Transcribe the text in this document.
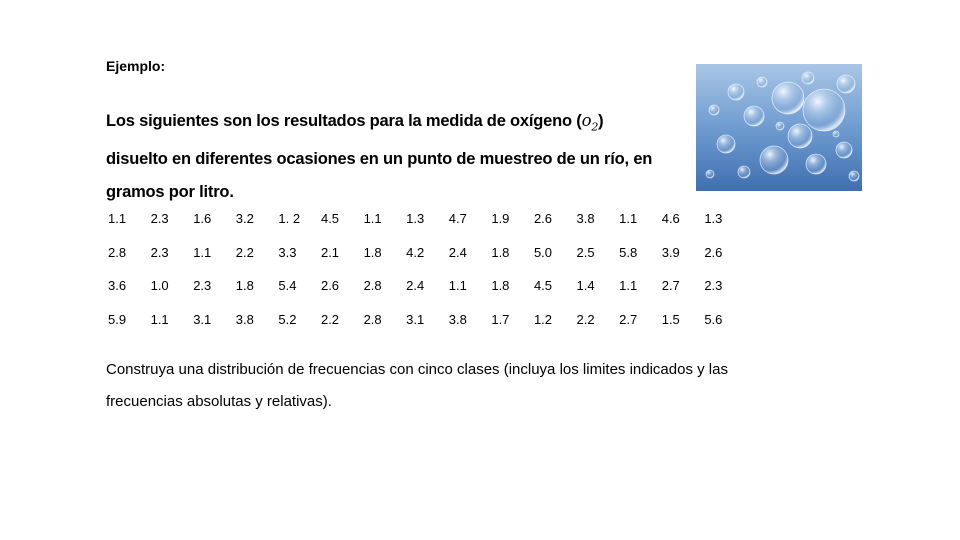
Ejemplo:
Los siguientes son los resultados para la medida de oxígeno $(o_2)$ disuelto en diferentes ocasiones en un punto de muestreo de un río, en gramos por litro.
1.1	2.3	1.6	3.2	1. 2	4.5	1.1	1.3	4.7	1.9	2.6	3.8	1.1	4.6	1.3
2.8	2.3	1.1	2.2	3.3	2.1	1.8	4.2	2.4	1.8	5.0	2.5	5.8	3.9	2.6
3.6	1.0	2.3	1.8	5.4	2.6	2.8	2.4	1.1	1.8	4.5	1.4	1.1	2.7	2.3
5.9	1.1	3.1	3.8	5.2	2.2	2.8	3.1	3.8	1.7	1.2	2.2	2.7	1.5	5.6
Construya una distribución de frecuencias con cinco clases (incluya los limites indicados y las frecuencias absolutas y relativas).
